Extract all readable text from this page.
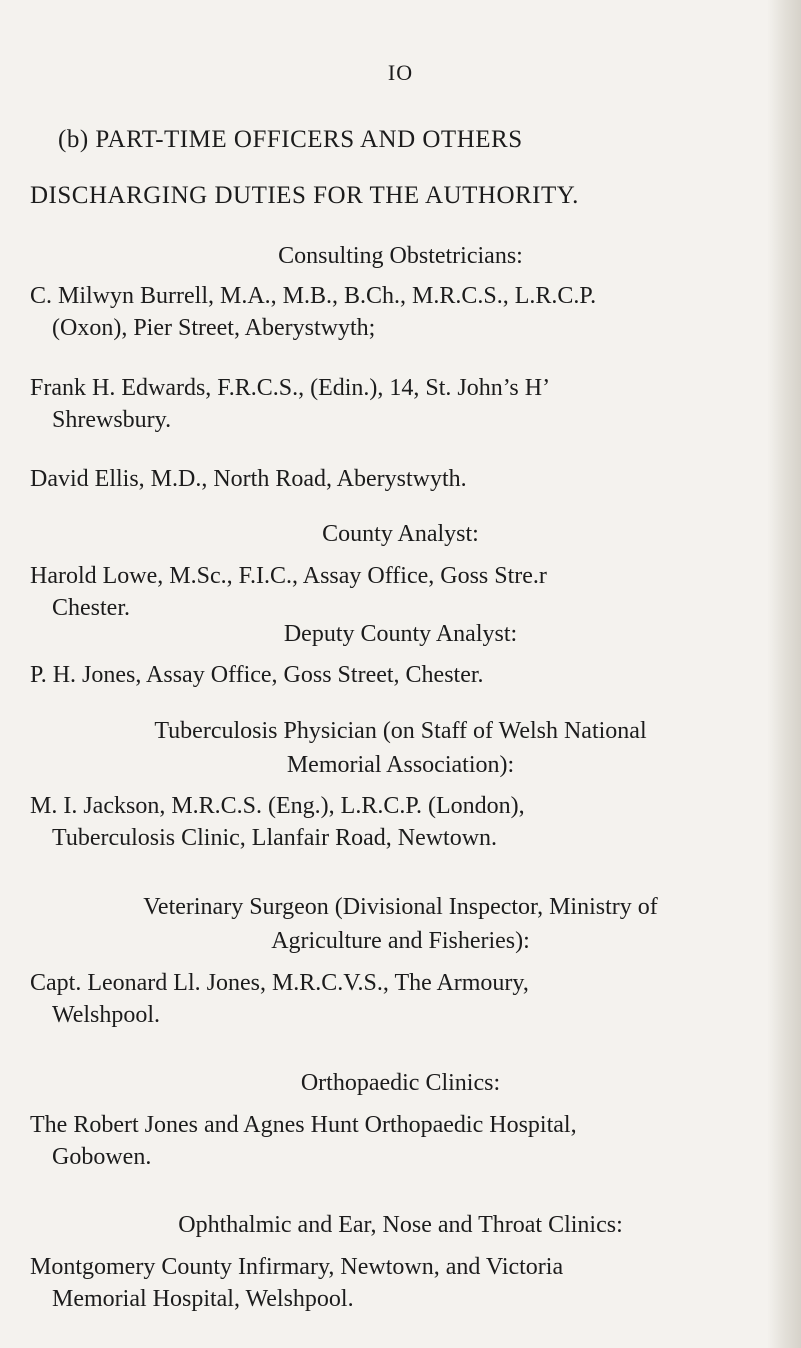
IO
(b) PART-TIME OFFICERS AND OTHERS
DISCHARGING DUTIES FOR THE AUTHORITY.
Consulting Obstetricians:
C. Milwyn Burrell, M.A., M.B., B.Ch., M.R.C.S., L.R.C.P.
(Oxon), Pier Street, Aberystwyth;
Frank H. Edwards, F.R.C.S., (Edin.), 14, St. John’s H’
Shrewsbury.
David Ellis, M.D., North Road, Aberystwyth.
County Analyst:
Harold Lowe, M.Sc., F.I.C., Assay Office, Goss Stre.r
Chester.
Deputy County Analyst:
P. H. Jones, Assay Office, Goss Street, Chester.
Tuberculosis Physician (on Staff of Welsh National
Memorial Association):
M. I. Jackson, M.R.C.S. (Eng.), L.R.C.P. (London),
Tuberculosis Clinic, Llanfair Road, Newtown.
Veterinary Surgeon (Divisional Inspector, Ministry of
Agriculture and Fisheries):
Capt. Leonard Ll. Jones, M.R.C.V.S., The Armoury,
Welshpool.
Orthopaedic Clinics:
The Robert Jones and Agnes Hunt Orthopaedic Hospital,
Gobowen.
Ophthalmic and Ear, Nose and Throat Clinics:
Montgomery County Infirmary, Newtown, and Victoria
Memorial Hospital, Welshpool.
